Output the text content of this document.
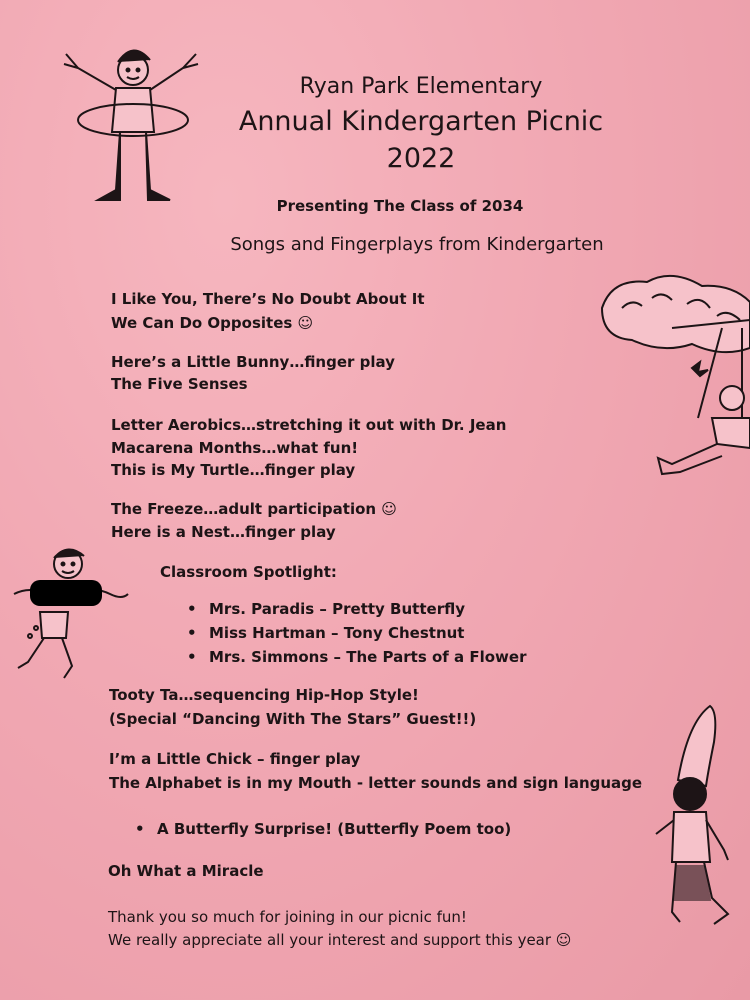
Ryan Park Elementary

Annual Kindergarten Picnic

2022

Presenting The Class of 2034

Songs and Fingerplays from Kindergarten

I Like You, There’s No Doubt About It

We Can Do Opposites ☺

Here’s a Little Bunny…finger play

The Five Senses

Letter Aerobics…stretching it out with Dr. Jean

Macarena Months…what fun!

This is My Turtle…finger play

The Freeze…adult participation ☺

Here is a Nest…finger play

Classroom Spotlight:

• Mrs. Paradis – Pretty Butterfly

• Miss Hartman – Tony Chestnut

• Mrs. Simmons – The Parts of a Flower

Tooty Ta…sequencing Hip-Hop Style!

(Special “Dancing With The Stars” Guest!!)

I’m a Little Chick – finger play

The Alphabet is in my Mouth - letter sounds and sign language

• A Butterfly Surprise! (Butterfly Poem too)

Oh What a Miracle

Thank you so much for joining in our picnic fun!

We really appreciate all your interest and support this year ☺
